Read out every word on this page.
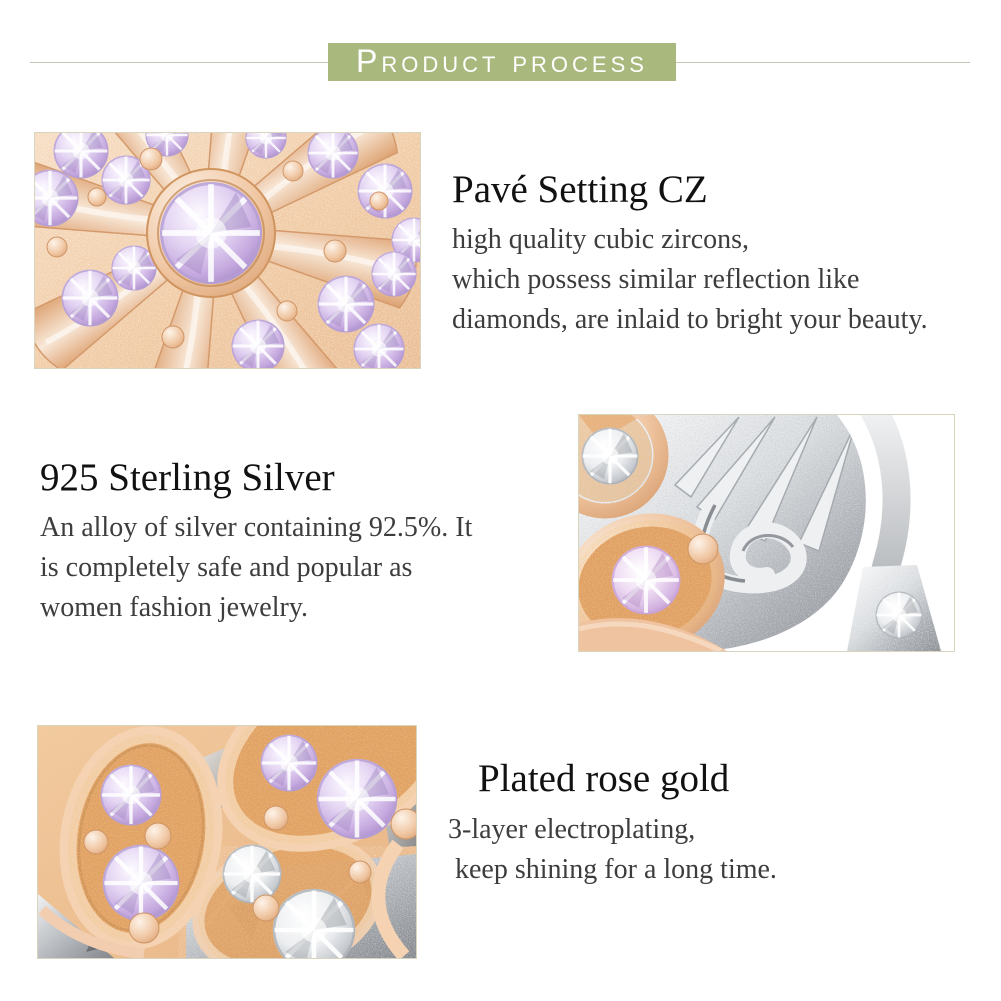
Product process
Pavé Setting CZ
high quality cubic zircons,
which possess similar reflection like
diamonds, are inlaid to bright your beauty.
925 Sterling Silver
An alloy of silver containing 92.5%. It
is completely safe and popular as
women fashion jewelry.
Plated rose gold
3-layer electroplating,
keep shining for a long time.
